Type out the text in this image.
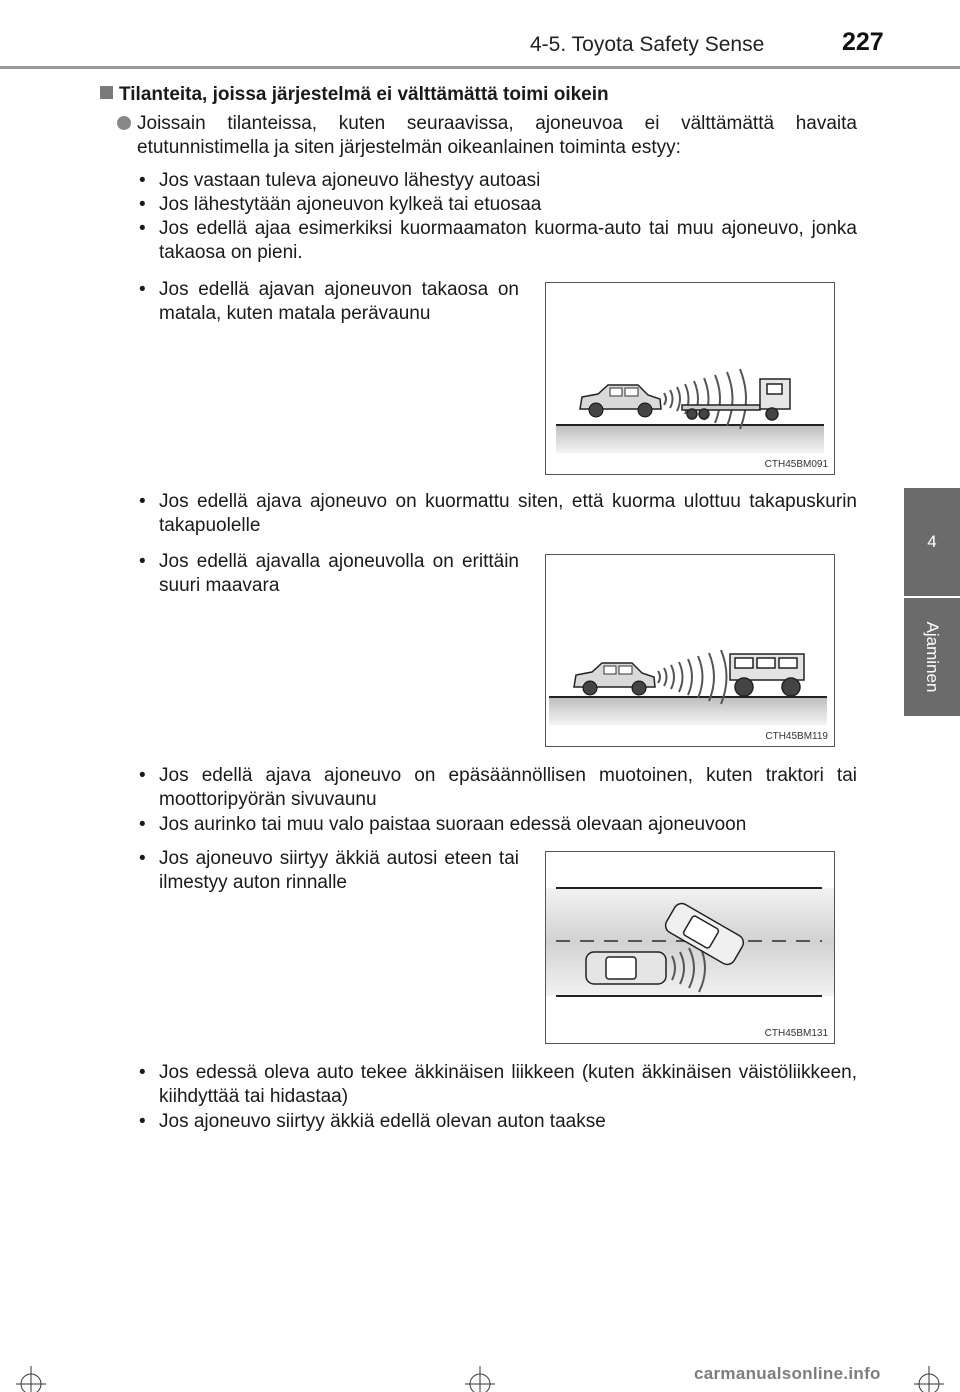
4-5. Toyota Safety Sense	227
4
Ajaminen
Tilanteita, joissa järjestelmä ei välttämättä toimi oikein

Joissain tilanteissa, kuten seuraavissa, ajoneuvoa ei välttämättä havaita etutunnistimella ja siten järjestelmän oikeanlainen toiminta estyy:

• Jos vastaan tuleva ajoneuvo lähestyy autoasi
• Jos lähestytään ajoneuvon kylkeä tai etuosaa
• Jos edellä ajaa esimerkiksi kuormaamaton kuorma-auto tai muu ajoneuvo, jonka takaosa on pieni.
• Jos edellä ajavan ajoneuvon takaosa on matala, kuten matala perävaunu
• Jos edellä ajava ajoneuvo on kuormattu siten, että kuorma ulottuu takapuskurin takapuolelle
• Jos edellä ajavalla ajoneuvolla on erittäin suuri maavara
• Jos edellä ajava ajoneuvo on epäsäännöllisen muotoinen, kuten traktori tai moottoripyörän sivuvaunu
• Jos aurinko tai muu valo paistaa suoraan edessä olevaan ajoneuvoon
• Jos ajoneuvo siirtyy äkkiä autosi eteen tai ilmestyy auton rinnalle
• Jos edessä oleva auto tekee äkkinäisen liikkeen (kuten äkkinäisen väistöliikkeen, kiihdyttää tai hidastaa)
• Jos ajoneuvo siirtyy äkkiä edellä olevan auton taakse
CTH45BM091
CTH45BM119
CTH45BM131
carmanualsonline.info
